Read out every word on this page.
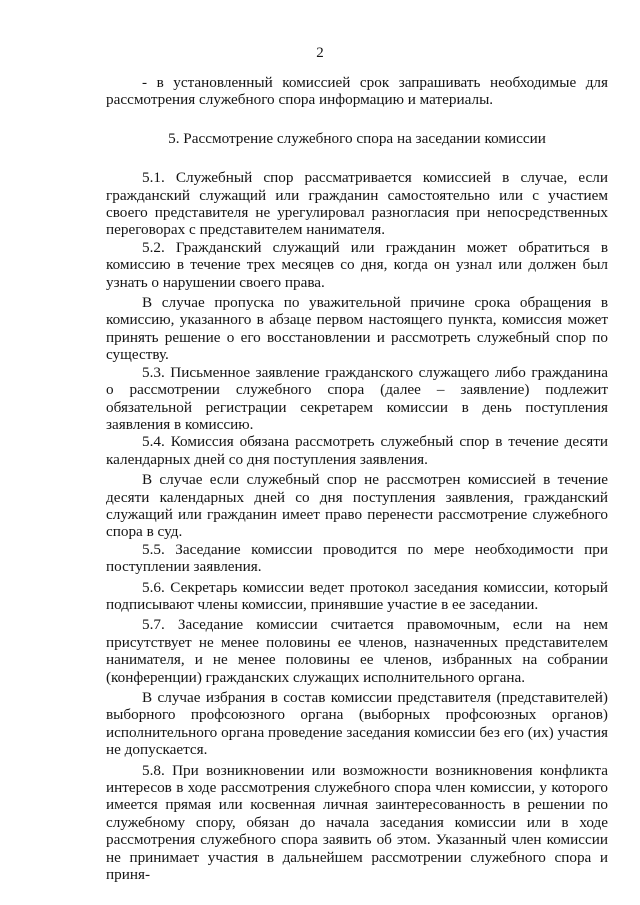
2

- в установленный комиссией срок запрашивать необходимые для рассмотрения служебного спора информацию и материалы.

5. Рассмотрение служебного спора на заседании комиссии

5.1. Служебный спор рассматривается комиссией в случае, если гражданский служащий или гражданин самостоятельно или с участием своего представителя не урегулировал разногласия при непосредственных переговорах с представителем нанимателя.

5.2. Гражданский служащий или гражданин может обратиться в комиссию в течение трех месяцев со дня, когда он узнал или должен был узнать о нарушении своего права.

В случае пропуска по уважительной причине срока обращения в комиссию, указанного в абзаце первом настоящего пункта, комиссия может принять решение о его восстановлении и рассмотреть служебный спор по существу.

5.3. Письменное заявление гражданского служащего либо гражданина о рассмотрении служебного спора (далее – заявление) подлежит обязательной регистрации секретарем комиссии в день поступления заявления в комиссию.

5.4. Комиссия обязана рассмотреть служебный спор в течение десяти календарных дней со дня поступления заявления.

В случае если служебный спор не рассмотрен комиссией в течение десяти календарных дней со дня поступления заявления, гражданский служащий или гражданин имеет право перенести рассмотрение служебного спора в суд.

5.5. Заседание комиссии проводится по мере необходимости при поступлении заявления.

5.6. Секретарь комиссии ведет протокол заседания комиссии, который подписывают члены комиссии, принявшие участие в ее заседании.

5.7. Заседание комиссии считается правомочным, если на нем присутствует не менее половины ее членов, назначенных представителем нанимателя, и не менее половины ее членов, избранных на собрании (конференции) гражданских служащих исполнительного органа.

В случае избрания в состав комиссии представителя (представителей) выборного профсоюзного органа (выборных профсоюзных органов) исполнительного органа проведение заседания комиссии без его (их) участия не допускается.

5.8. При возникновении или возможности возникновения конфликта интересов в ходе рассмотрения служебного спора член комиссии, у которого имеется прямая или косвенная личная заинтересованность в решении по служебному спору, обязан до начала заседания комиссии или в ходе рассмотрения служебного спора заявить об этом. Указанный член комиссии не принимает участия в дальнейшем рассмотрении служебного спора и приня-
